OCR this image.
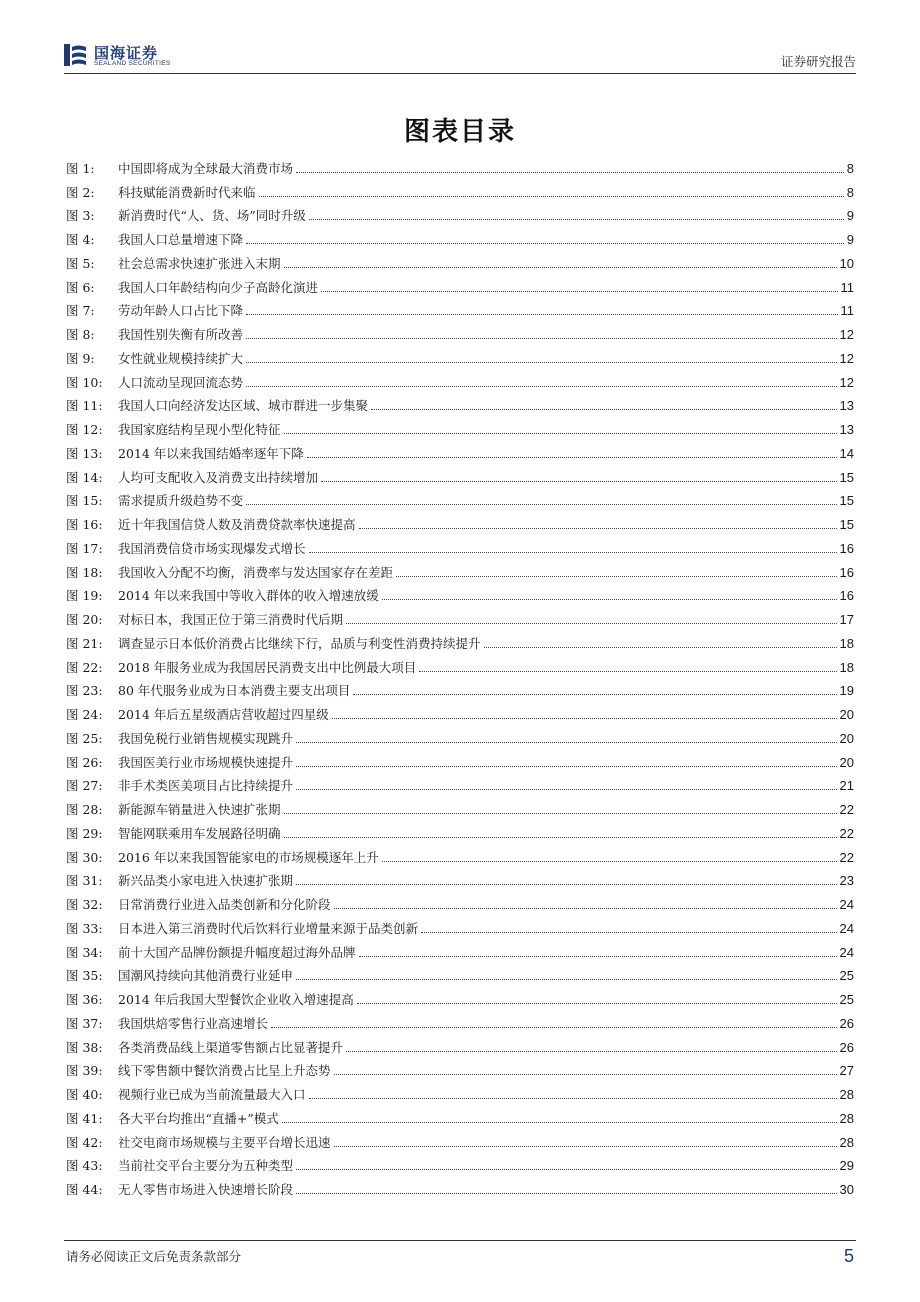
国海证券
SEALAND SECURITIES	证券研究报告
图表目录
图 1:	中国即将成为全球最大消费市场	8
图 2:	科技赋能消费新时代来临	8
图 3:	新消费时代“人、货、场”同时升级	9
图 4:	我国人口总量增速下降	9
图 5:	社会总需求快速扩张进入末期	10
图 6:	我国人口年龄结构向少子高龄化演进	11
图 7:	劳动年龄人口占比下降	11
图 8:	我国性别失衡有所改善	12
图 9:	女性就业规模持续扩大	12
图 10:	人口流动呈现回流态势	12
图 11:	我国人口向经济发达区域、城市群进一步集聚	13
图 12:	我国家庭结构呈现小型化特征	13
图 13:	2014 年以来我国结婚率逐年下降	14
图 14:	人均可支配收入及消费支出持续增加	15
图 15:	需求提质升级趋势不变	15
图 16:	近十年我国信贷人数及消费贷款率快速提高	15
图 17:	我国消费信贷市场实现爆发式增长	16
图 18:	我国收入分配不均衡，消费率与发达国家存在差距	16
图 19:	2014 年以来我国中等收入群体的收入增速放缓	16
图 20:	对标日本，我国正位于第三消费时代后期	17
图 21:	调查显示日本低价消费占比继续下行，品质与利变性消费持续提升	18
图 22:	2018 年服务业成为我国居民消费支出中比例最大项目	18
图 23:	80 年代服务业成为日本消费主要支出项目	19
图 24:	2014 年后五星级酒店营收超过四星级	20
图 25:	我国免税行业销售规模实现跳升	20
图 26:	我国医美行业市场规模快速提升	20
图 27:	非手术类医美项目占比持续提升	21
图 28:	新能源车销量进入快速扩张期	22
图 29:	智能网联乘用车发展路径明确	22
图 30:	2016 年以来我国智能家电的市场规模逐年上升	22
图 31:	新兴品类小家电进入快速扩张期	23
图 32:	日常消费行业进入品类创新和分化阶段	24
图 33:	日本进入第三消费时代后饮料行业增量来源于品类创新	24
图 34:	前十大国产品牌份额提升幅度超过海外品牌	24
图 35:	国潮风持续向其他消费行业延申	25
图 36:	2014 年后我国大型餐饮企业收入增速提高	25
图 37:	我国烘焙零售行业高速增长	26
图 38:	各类消费品线上渠道零售额占比显著提升	26
图 39:	线下零售额中餐饮消费占比呈上升态势	27
图 40:	视频行业已成为当前流量最大入口	28
图 41:	各大平台均推出“直播+”模式	28
图 42:	社交电商市场规模与主要平台增长迅速	28
图 43:	当前社交平台主要分为五种类型	29
图 44:	无人零售市场进入快速增长阶段	30
请务必阅读正文后免责条款部分	5
